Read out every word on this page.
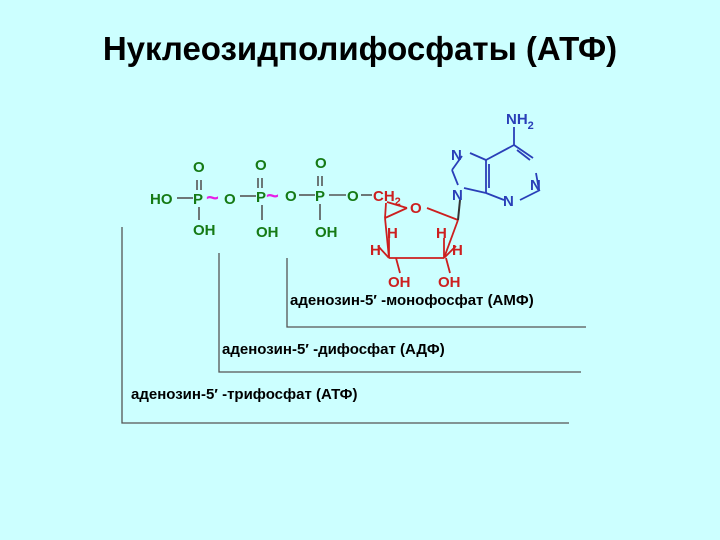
Нуклеозидполифосфаты (АТФ)
HO
O
P
OH
~ O
O
P
OH
~ O
O
P
OH
O $CH_2$ O
H	H
H	H
OH OH
$NH_2$
N
N
N	N
аденозин-5′ -монофосфат (АМФ)
аденозин-5′ -дифосфат (АДФ)
аденозин-5′ -трифосфат (АТФ)
